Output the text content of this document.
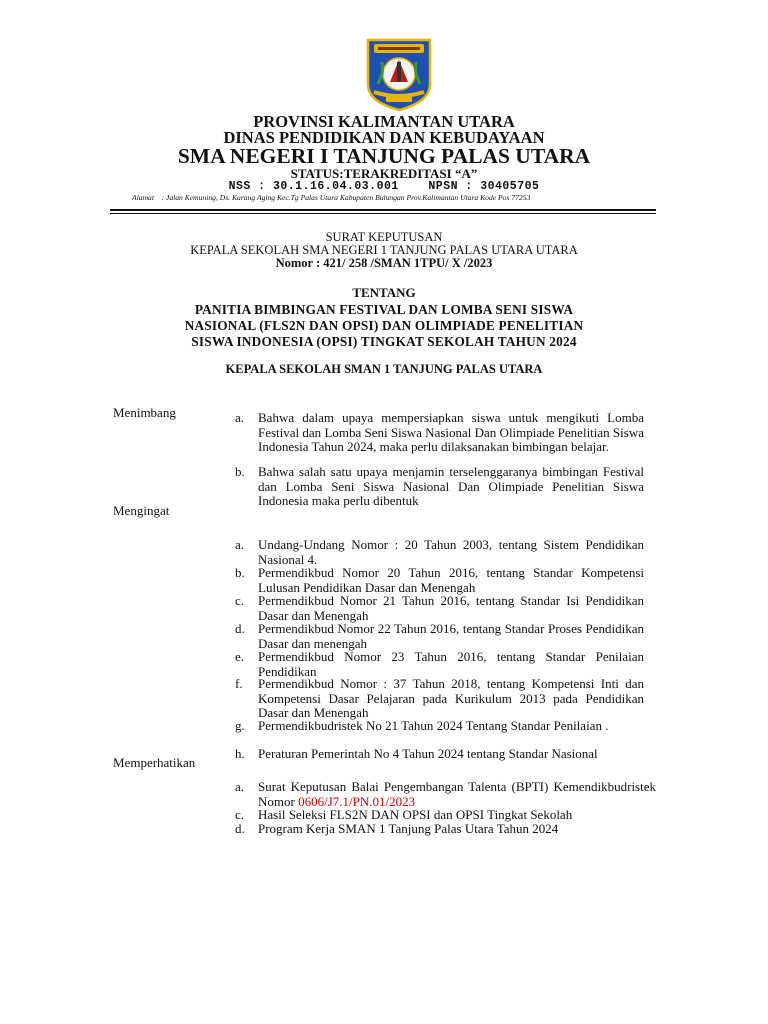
PROVINSI KALIMANTAN UTARA
DINAS PENDIDIKAN DAN KEBUDAYAAN
SMA NEGERI I TANJUNG PALAS UTARA
STATUS:TERAKREDITASI “A”
NSS : 30.1.16.04.03.001    NPSN : 30405705
Alamat    : Jalan Kemuning, Ds. Karang Aging Kec.Tg Palas Utara Kabupaten Bulungan Prov.Kalimantan Utara Kode Pos 77253
SURAT KEPUTUSAN
KEPALA SEKOLAH SMA NEGERI 1 TANJUNG PALAS UTARA UTARA
Nomor : 421/ 258 /SMAN 1TPU/ X /2023
TENTANG
PANITIA BIMBINGAN FESTIVAL DAN LOMBA SENI SISWA
NASIONAL (FLS2N DAN OPSI) DAN OLIMPIADE PENELITIAN
SISWA INDONESIA (OPSI) TINGKAT SEKOLAH TAHUN 2024
KEPALA SEKOLAH SMAN 1 TANJUNG PALAS UTARA
Menimbang	a. Bahwa dalam upaya mempersiapkan siswa untuk mengikuti Lomba Festival dan Lomba Seni Siswa Nasional Dan Olimpiade Penelitian Siswa Indonesia Tahun 2024, maka perlu dilaksanakan bimbingan belajar.
b. Bahwa salah satu upaya menjamin terselenggaranya bimbingan Festival dan Lomba Seni Siswa Nasional Dan Olimpiade Penelitian Siswa Indonesia maka perlu dibentuk
Mengingat
a. Undang-Undang Nomor : 20 Tahun 2003, tentang Sistem Pendidikan Nasional 4.
b. Permendikbud Nomor 20 Tahun 2016, tentang Standar Kompetensi Lulusan Pendidikan Dasar dan Menengah
c. Permendikbud Nomor 21 Tahun 2016, tentang Standar Isi Pendidikan Dasar dan Menengah
d. Permendikbud Nomor 22 Tahun 2016, tentang Standar Proses Pendidikan Dasar dan menengah
e. Permendikbud Nomor 23 Tahun 2016, tentang Standar Penilaian Pendidikan
f. Permendikbud Nomor : 37 Tahun 2018, tentang Kompetensi Inti dan Kompetensi Dasar Pelajaran pada Kurikulum 2013 pada Pendidikan Dasar dan Menengah
g. Permendikbudristek No 21 Tahun 2024 Tentang Standar Penilaian .
h. Peraturan Pemerintah No 4 Tahun 2024 tentang Standar Nasional
Memperhatikan
a. Surat Keputusan Balai Pengembangan Talenta (BPTI) Kemendikbudristek Nomor 0606/J7.1/PN.01/2023
c. Hasil Seleksi FLS2N DAN OPSI dan OPSI Tingkat Sekolah
d. Program Kerja SMAN 1 Tanjung Palas Utara Tahun 2024
